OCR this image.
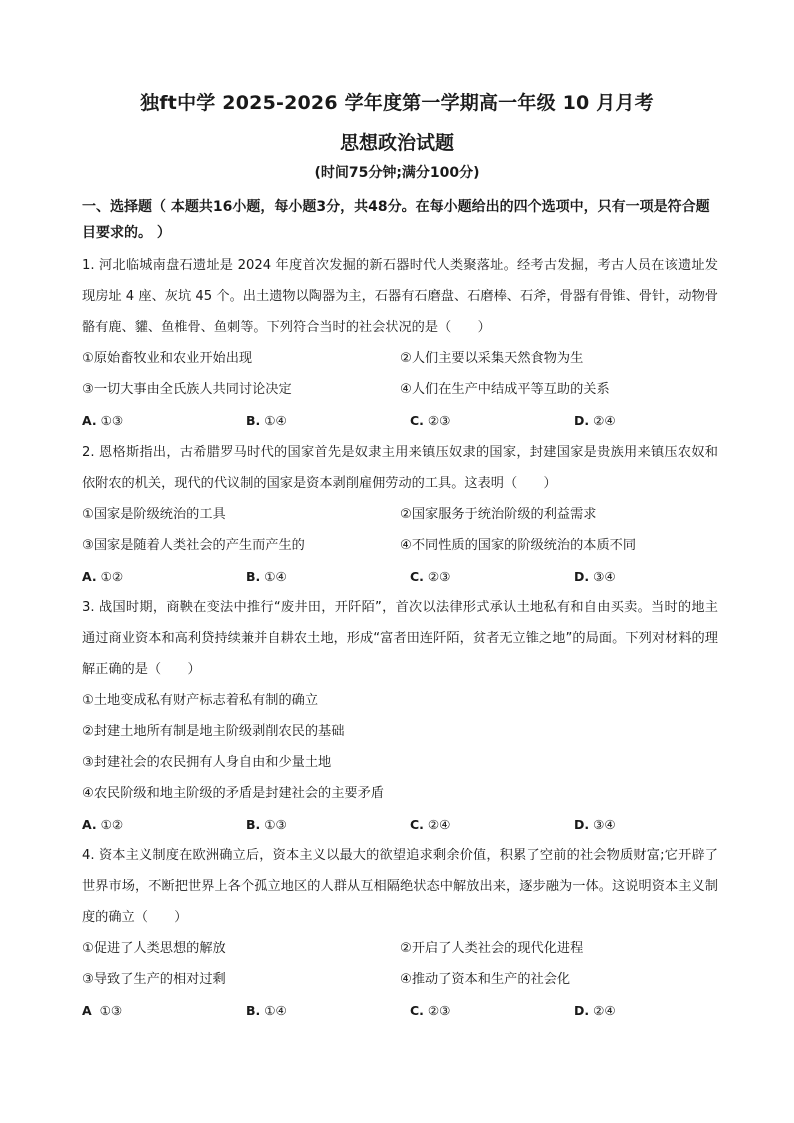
独ft中学 2025-2026 学年度第一学期高一年级 10 月月考
思想政治试题
(时间75分钟;满分100分)
一、选择题（ 本题共16小题，每小题3分，共48分。在每小题给出的四个选项中，只有一项是符合题目要求的。 ）

1. 河北临城南盘石遗址是 2024 年度首次发掘的新石器时代人类聚落址。经考古发掘，考古人员在该遗址发现房址 4 座、灰坑 45 个。出土遗物以陶器为主，石器有石磨盘、石磨棒、石斧，骨器有骨锥、骨针，动物骨骼有鹿、貛、鱼椎骨、鱼刺等。下列符合当时的社会状况的是（　　）

①原始畜牧业和农业开始出现	②人们主要以采集天然食物为生
③一切大事由全氏族人共同讨论决定	④人们在生产中结成平等互助的关系
A. ①③	B. ①④	C. ②③	D. ②④

2. 恩格斯指出，古希腊罗马时代的国家首先是奴隶主用来镇压奴隶的国家，封建国家是贵族用来镇压农奴和依附农的机关，现代的代议制的国家是资本剥削雇佣劳动的工具。这表明（　　）

①国家是阶级统治的工具	②国家服务于统治阶级的利益需求
③国家是随着人类社会的产生而产生的	④不同性质的国家的阶级统治的本质不同
A. ①②	B. ①④	C. ②③	D. ③④

3. 战国时期，商鞅在变法中推行“废井田，开阡陌”，首次以法律形式承认土地私有和自由买卖。当时的地主通过商业资本和高利贷持续兼并自耕农土地，形成“富者田连阡陌，贫者无立锥之地”的局面。下列对材料的理解正确的是（　　）

①土地变成私有财产标志着私有制的确立
②封建土地所有制是地主阶级剥削农民的基础
③封建社会的农民拥有人身自由和少量土地
④农民阶级和地主阶级的矛盾是封建社会的主要矛盾
A. ①②	B. ①③	C. ②④	D. ③④

4. 资本主义制度在欧洲确立后，资本主义以最大的欲望追求剩余价值，积累了空前的社会物质财富;它开辟了世界市场，不断把世界上各个孤立地区的人群从互相隔绝状态中解放出来，逐步融为一体。这说明资本主义制度的确立（　　）

①促进了人类思想的解放	②开启了人类社会的现代化进程
③导致了生产的相对过剩	④推动了资本和生产的社会化
A ①③	B. ①④	C. ②③	D. ②④
